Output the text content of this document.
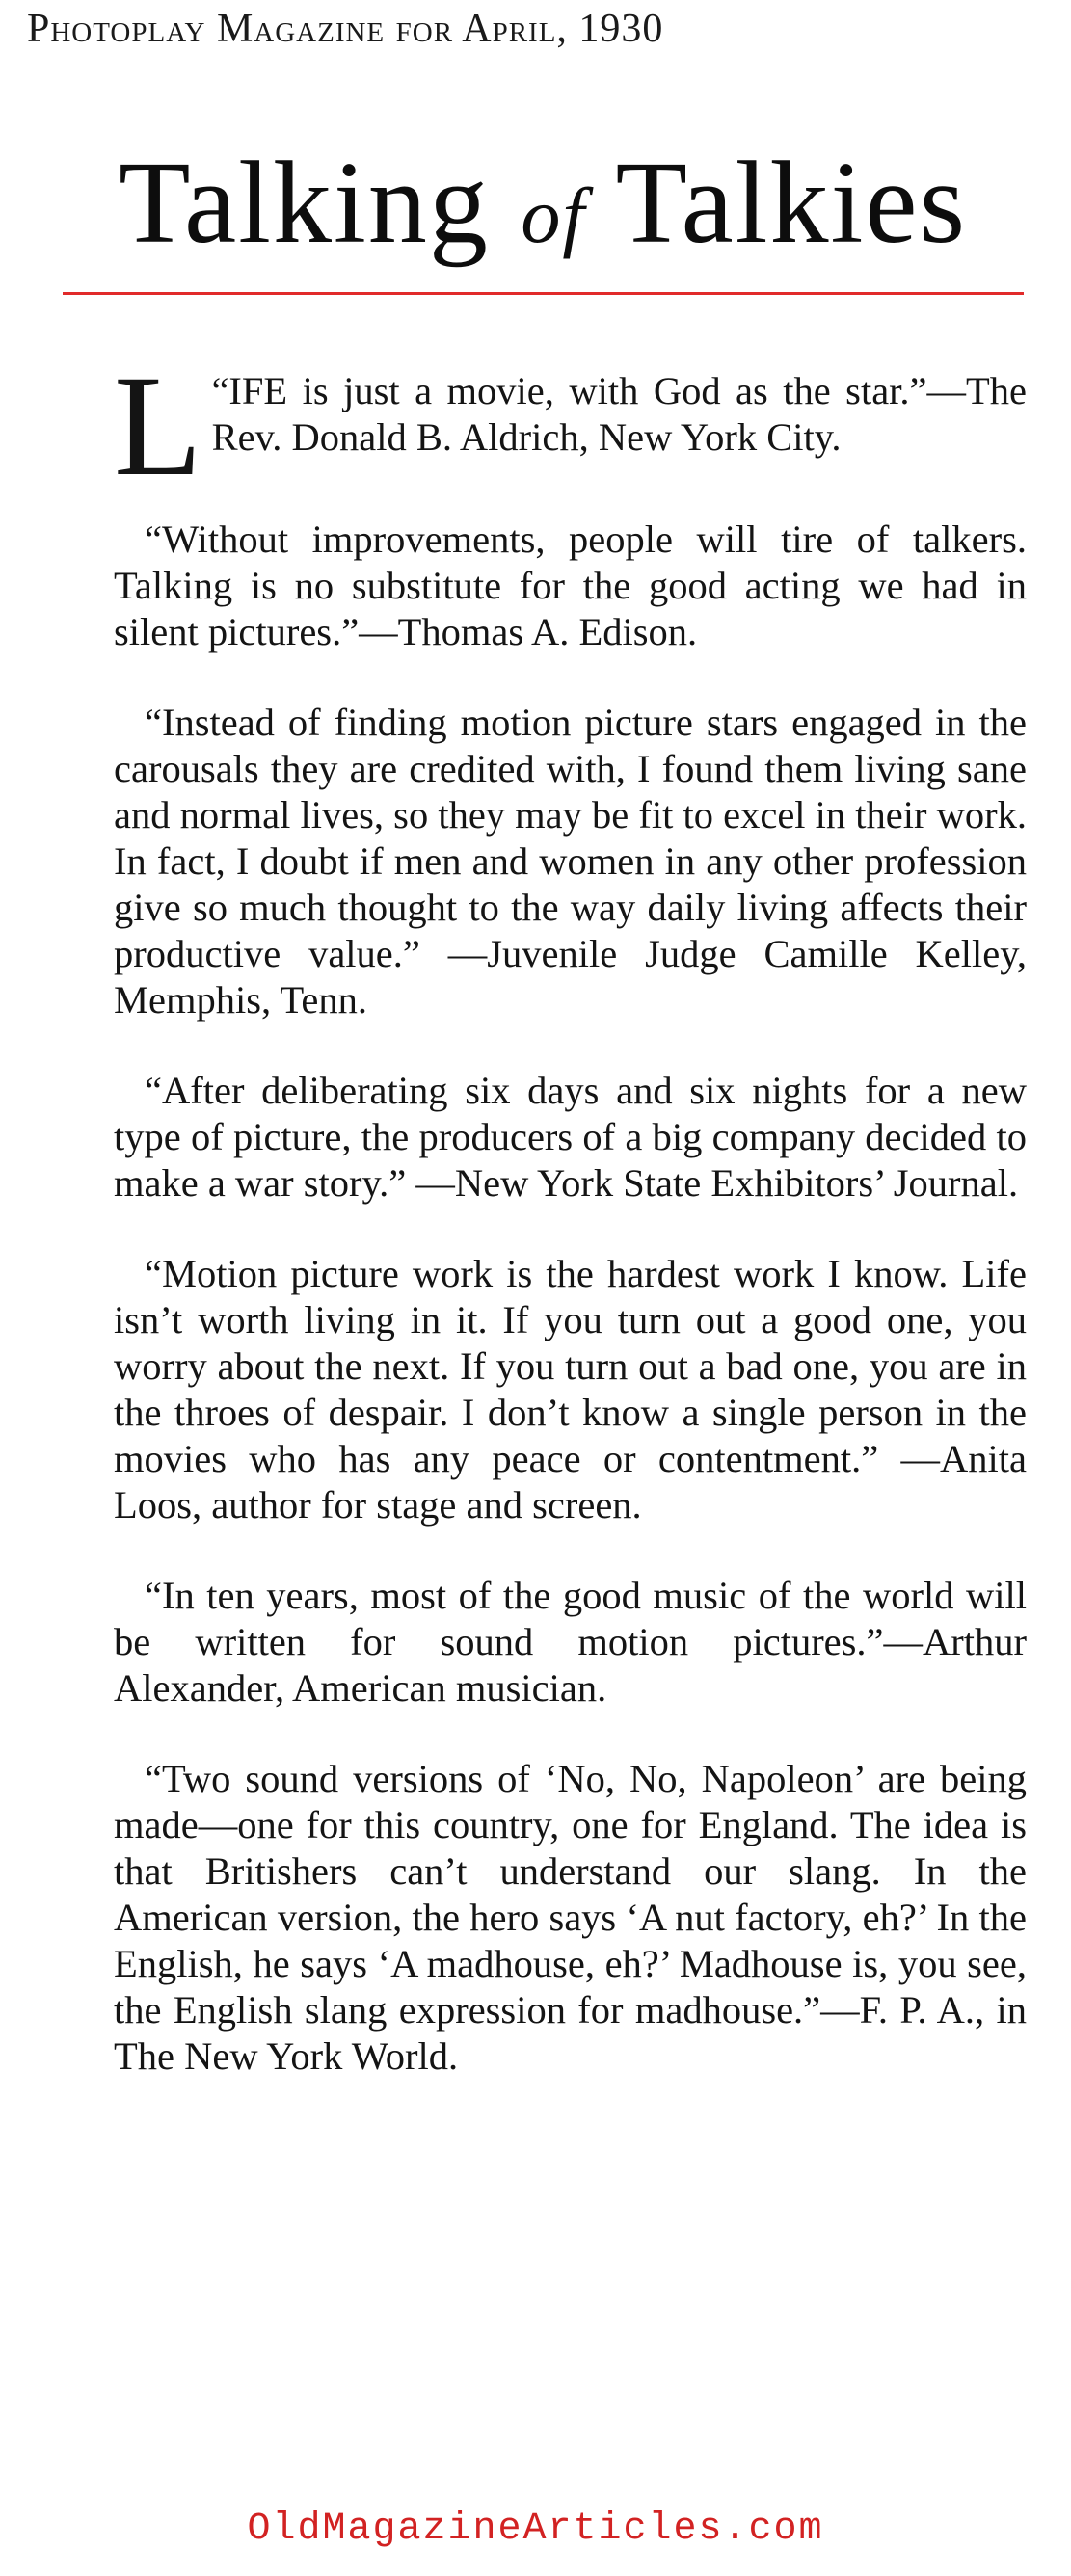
Photoplay Magazine for April, 1930
Talking of Talkies

“
L IFE is just a movie, with God as the star.”—The Rev. Donald B. Aldrich, New York City.

“Without improvements, people will tire of talkers. Talking is no substitute for the good acting we had in silent pictures.”—Thomas A. Edison.

“Instead of finding motion picture stars engaged in the carousals they are credited with, I found them living sane and normal lives, so they may be fit to excel in their work. In fact, I doubt if men and women in any other profession give so much thought to the way daily living affects their productive value.” —Juvenile Judge Camille Kelley, Memphis, Tenn.

“After deliberating six days and six nights for a new type of picture, the producers of a big company decided to make a war story.” —New York State Exhibitors’ Journal.

“Motion picture work is the hardest work I know. Life isn’t worth living in it. If you turn out a good one, you worry about the next. If you turn out a bad one, you are in the throes of despair. I don’t know a single person in the movies who has any peace or contentment.” —Anita Loos, author for stage and screen.

“In ten years, most of the good music of the world will be written for sound motion pictures.”—Arthur Alexander, American musician.

“Two sound versions of ‘No, No, Napoleon’ are being made—one for this country, one for England. The idea is that Britishers can’t understand our slang. In the American version, the hero says ‘A nut factory, eh?’ In the English, he says ‘A madhouse, eh?’ Madhouse is, you see, the English slang expression for madhouse.”—F. P. A., in The New York World.

OldMagazineArticles.com
